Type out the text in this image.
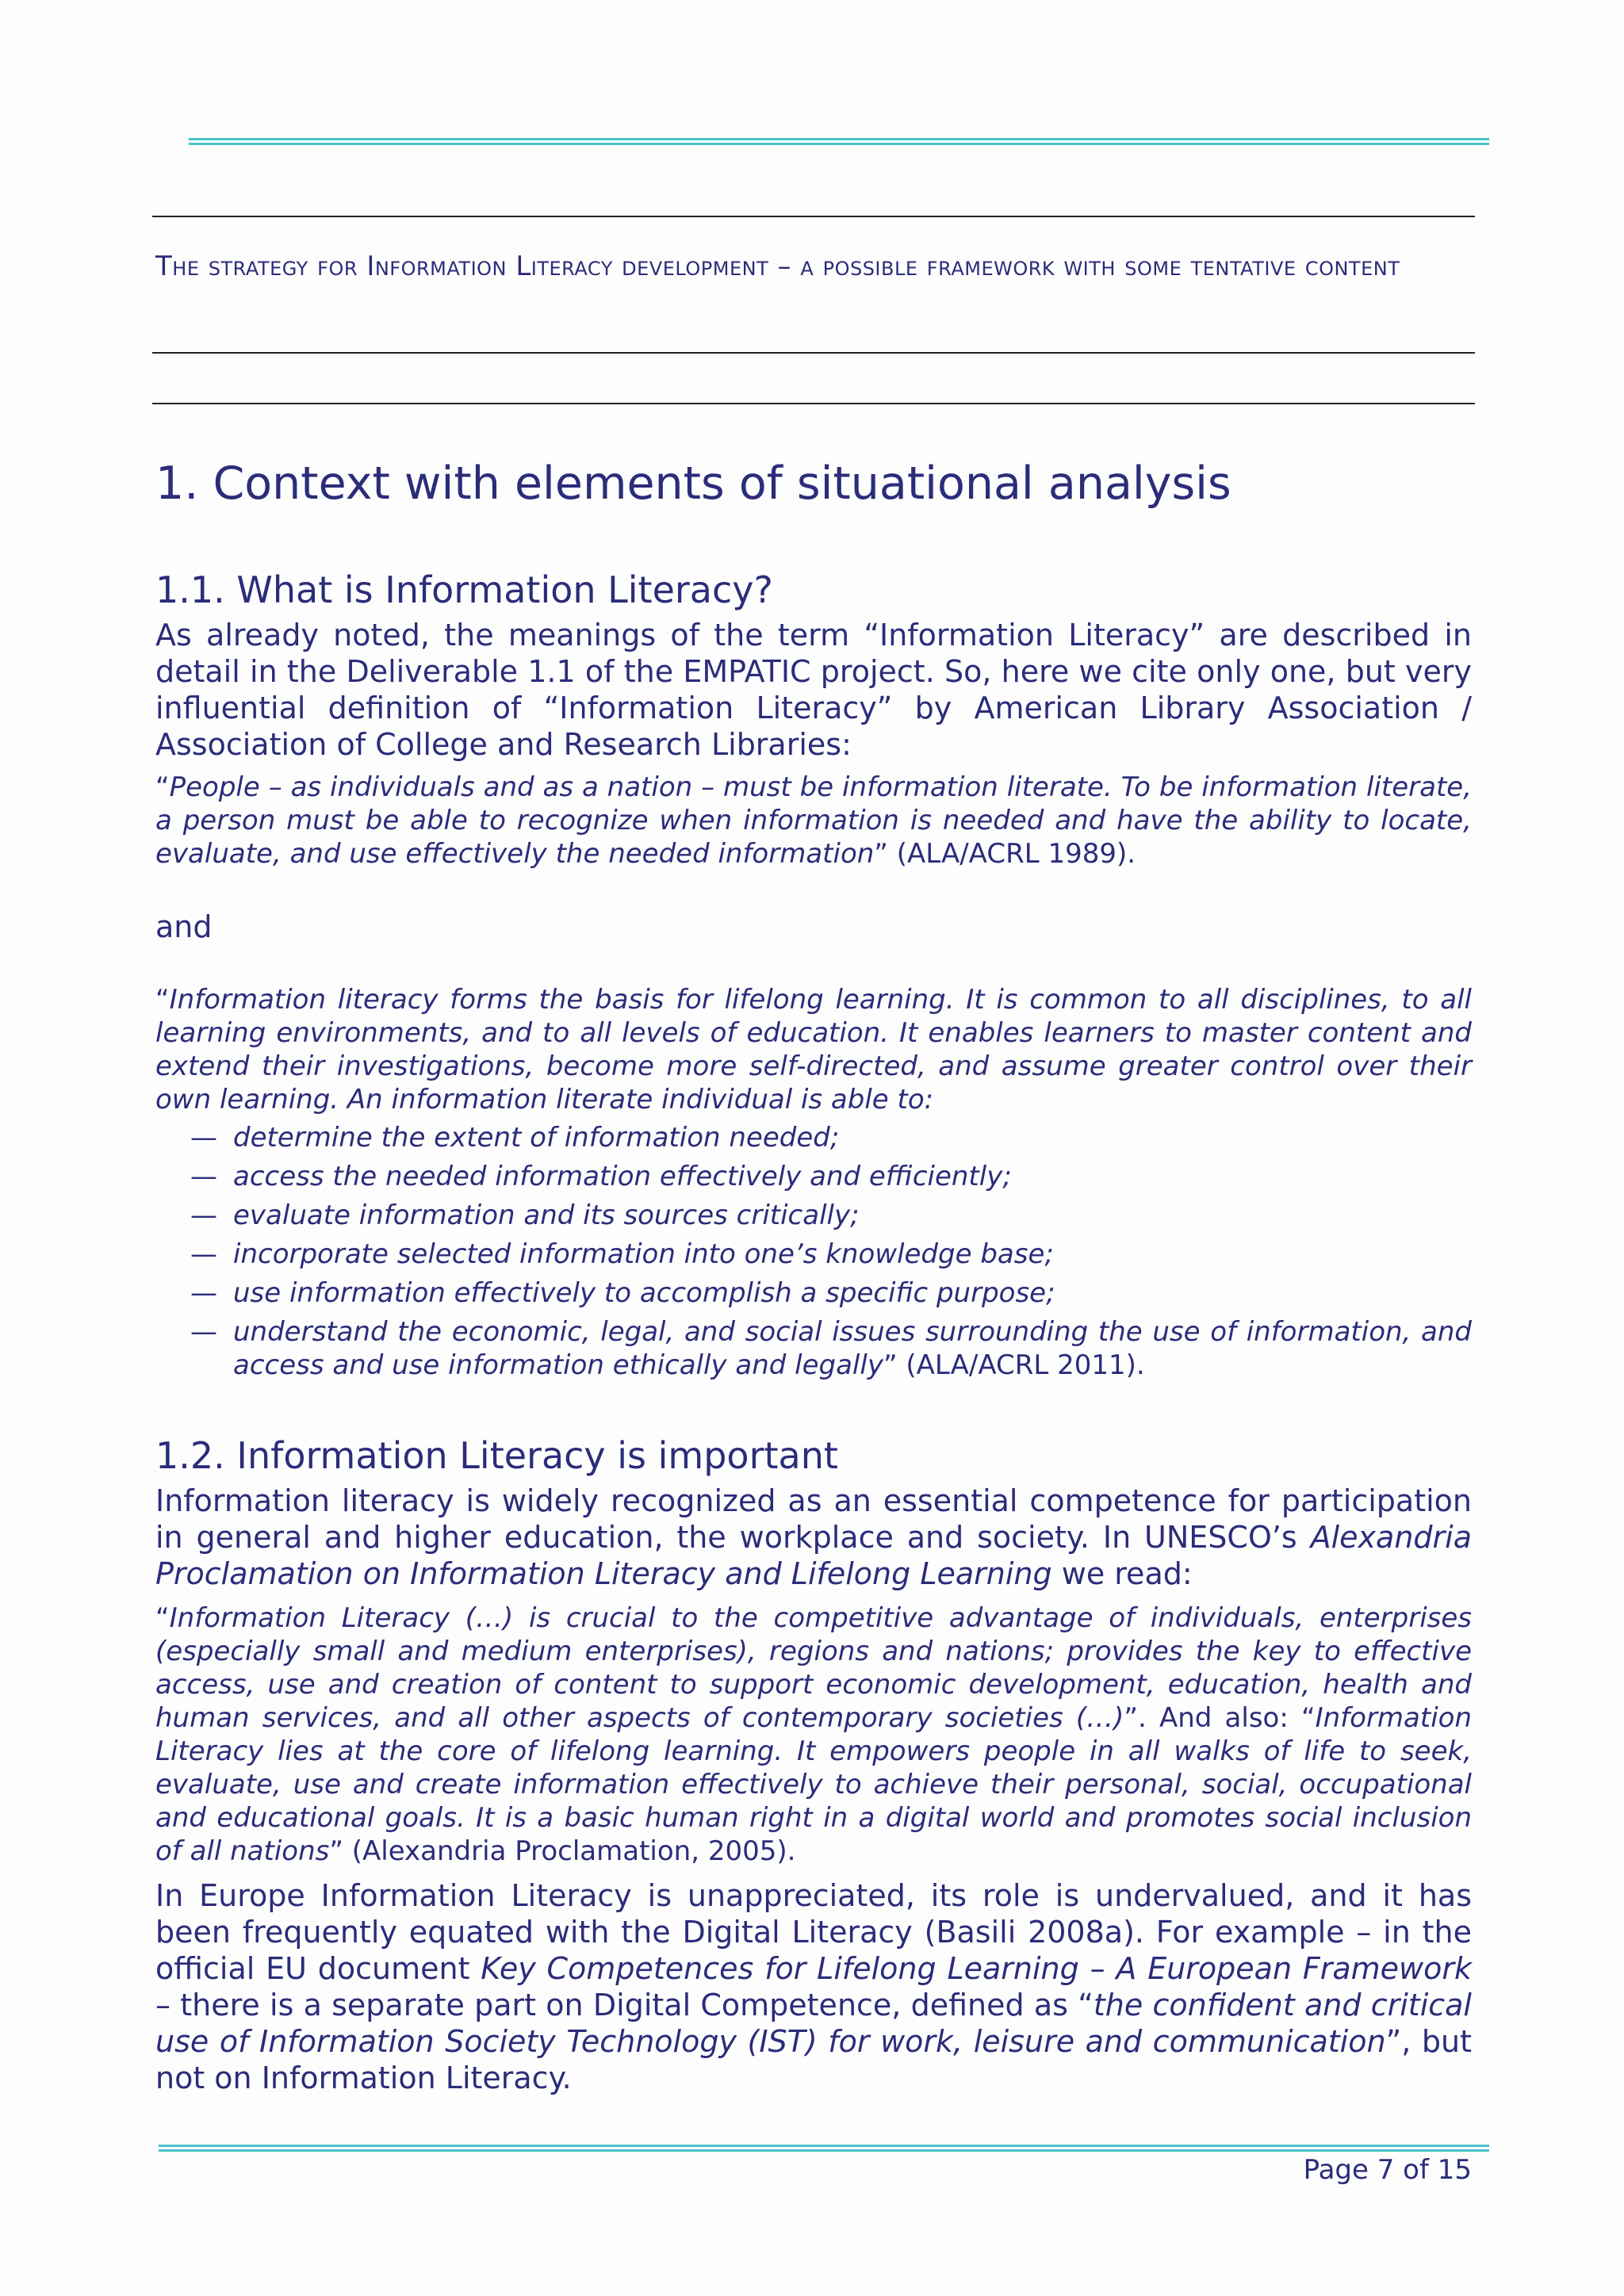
The strategy for Information Literacy development – a possible framework with some tentative content
1. Context with elements of situational analysis
1.1. What is Information Literacy?

As already noted, the meanings of the term “Information Literacy” are described in detail in the Deliverable 1.1 of the EMPATIC project. So, here we cite only one, but very influential definition of “Information Literacy” by American Library Association / Association of College and Research Libraries:

“People – as individuals and as a nation – must be information literate. To be information literate, a person must be able to recognize when information is needed and have the ability to locate, evaluate, and use effectively the needed information” (ALA/ACRL 1989).

and

“Information literacy forms the basis for lifelong learning. It is common to all disciplines, to all learning environments, and to all levels of education. It enables learners to master content and extend their investigations, become more self-directed, and assume greater control over their own learning. An information literate individual is able to:

— determine the extent of information needed;
— access the needed information effectively and efficiently;
— evaluate information and its sources critically;
— incorporate selected information into one’s knowledge base;
— use information effectively to accomplish a specific purpose;
— understand the economic, legal, and social issues surrounding the use of information, and access and use information ethically and legally” (ALA/ACRL 2011).
1.2. Information Literacy is important

Information literacy is widely recognized as an essential competence for participation in general and higher education, the workplace and society. In UNESCO’s Alexandria Proclamation on Information Literacy and Lifelong Learning we read:

“Information Literacy (…) is crucial to the competitive advantage of individuals, enterprises (especially small and medium enterprises), regions and nations; provides the key to effective access, use and creation of content to support economic development, education, health and human services, and all other aspects of contemporary societies (…)”. And also: “Information Literacy lies at the core of lifelong learning. It empowers people in all walks of life to seek, evaluate, use and create information effectively to achieve their personal, social, occupational and educational goals. It is a basic human right in a digital world and promotes social inclusion of all nations” (Alexandria Proclamation, 2005).

In Europe Information Literacy is unappreciated, its role is undervalued, and it has been frequently equated with the Digital Literacy (Basili 2008a). For example – in the official EU document Key Competences for Lifelong Learning – A European Framework – there is a separate part on Digital Competence, defined as “the confident and critical use of Information Society Technology (IST) for work, leisure and communication”, but not on Information Literacy.

Page 7 of 15
